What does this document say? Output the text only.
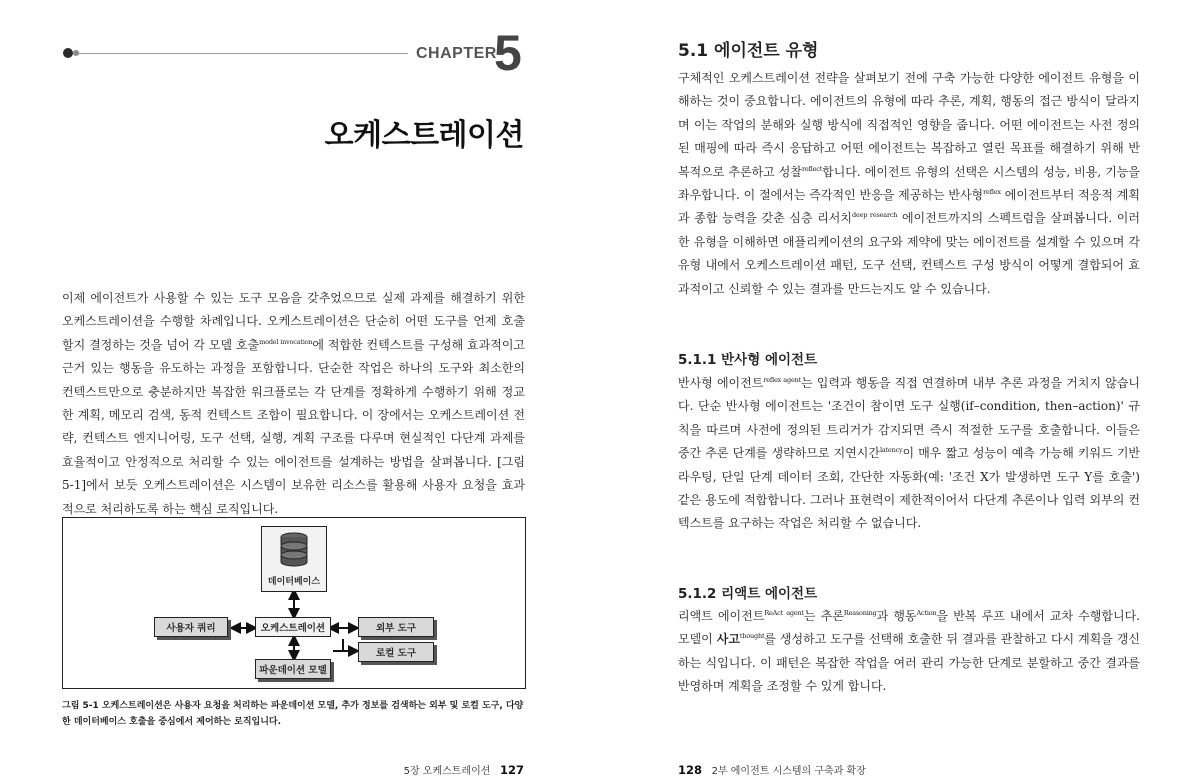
CHAPTER
5
오케스트레이션

이제 에이전트가 사용할 수 있는 도구 모음을 갖추었으므로 실제 과제를 해결하기 위한 오케스트레이션을 수행할 차례입니다. 오케스트레이션은 단순히 어떤 도구를 언제 호출할지 결정하는 것을 넘어 각 모델 호출$^{model invocation}$에 적합한 컨텍스트를 구성해 효과적이고 근거 있는 행동을 유도하는 과정을 포함합니다. 단순한 작업은 하나의 도구와 최소한의 컨텍스트만으로 충분하지만 복잡한 워크플로는 각 단계를 정확하게 수행하기 위해 정교한 계획, 메모리 검색, 동적 컨텍스트 조합이 필요합니다. 이 장에서는 오케스트레이션 전략, 컨텍스트 엔지니어링, 도구 선택, 실행, 계획 구조를 다루며 현실적인 다단계 과제를 효율적이고 안정적으로 처리할 수 있는 에이전트를 설계하는 방법을 살펴봅니다. [그림 5-1]에서 보듯 오케스트레이션은 시스템이 보유한 리소스를 활용해 사용자 요청을 효과적으로 처리하도록 하는 핵심 로직입니다.

데이터베이스
사용자 쿼리	오케스트레이션	외부 도구
로컬 도구
파운데이션 모델
그림 5-1 오케스트레이션은 사용자 요청을 처리하는 파운데이션 모델, 추가 정보를 검색하는 외부 및 로컬 도구, 다양한 데이터베이스 호출을 중심에서 제어하는 로직입니다.
5장 오케스트레이션 127
5.1 에이전트 유형

구체적인 오케스트레이션 전략을 살펴보기 전에 구축 가능한 다양한 에이전트 유형을 이해하는 것이 중요합니다. 에이전트의 유형에 따라 추론, 계획, 행동의 접근 방식이 달라지며 이는 작업의 분해와 실행 방식에 직접적인 영향을 줍니다. 어떤 에이전트는 사전 정의된 매핑에 따라 즉시 응답하고 어떤 에이전트는 복잡하고 열린 목표를 해결하기 위해 반복적으로 추론하고 성찰$^{reflect}$합니다. 에이전트 유형의 선택은 시스템의 성능, 비용, 기능을 좌우합니다. 이 절에서는 즉각적인 반응을 제공하는 반사형$^{reflex}$ 에이전트부터 적응적 계획과 종합 능력을 갖춘 심층 리서치$^{deep research}$ 에이전트까지의 스펙트럼을 살펴봅니다. 이러한 유형을 이해하면 애플리케이션의 요구와 제약에 맞는 에이전트를 설계할 수 있으며 각 유형 내에서 오케스트레이션 패턴, 도구 선택, 컨텍스트 구성 방식이 어떻게 결합되어 효과적이고 신뢰할 수 있는 결과를 만드는지도 알 수 있습니다.

5.1.1 반사형 에이전트

반사형 에이전트$^{reflex agent}$는 입력과 행동을 직접 연결하며 내부 추론 과정을 거치지 않습니다. 단순 반사형 에이전트는 '조건이 참이면 도구 실행(if–condition, then–action)' 규칙을 따르며 사전에 정의된 트리거가 감지되면 즉시 적절한 도구를 호출합니다. 이들은 중간 추론 단계를 생략하므로 지연시간$^{latency}$이 매우 짧고 성능이 예측 가능해 키워드 기반 라우팅, 단일 단계 데이터 조회, 간단한 자동화(예: '조건 X가 발생하면 도구 Y를 호출') 같은 용도에 적합합니다. 그러나 표현력이 제한적이어서 다단계 추론이나 입력 외부의 컨텍스트를 요구하는 작업은 처리할 수 없습니다.

5.1.2 리액트 에이전트

리액트 에이전트$^{ReAct agent}$는 추론$^{Reasoning}$과 행동$^{Action}$을 반복 루프 내에서 교차 수행합니다. 모델이 사고$^{thought}$를 생성하고 도구를 선택해 호출한 뒤 결과를 관찰하고 다시 계획을 갱신하는 식입니다. 이 패턴은 복잡한 작업을 여러 관리 가능한 단계로 분할하고 중간 결과를 반영하며 계획을 조정할 수 있게 합니다.

128 2부 에이전트 시스템의 구축과 확장
